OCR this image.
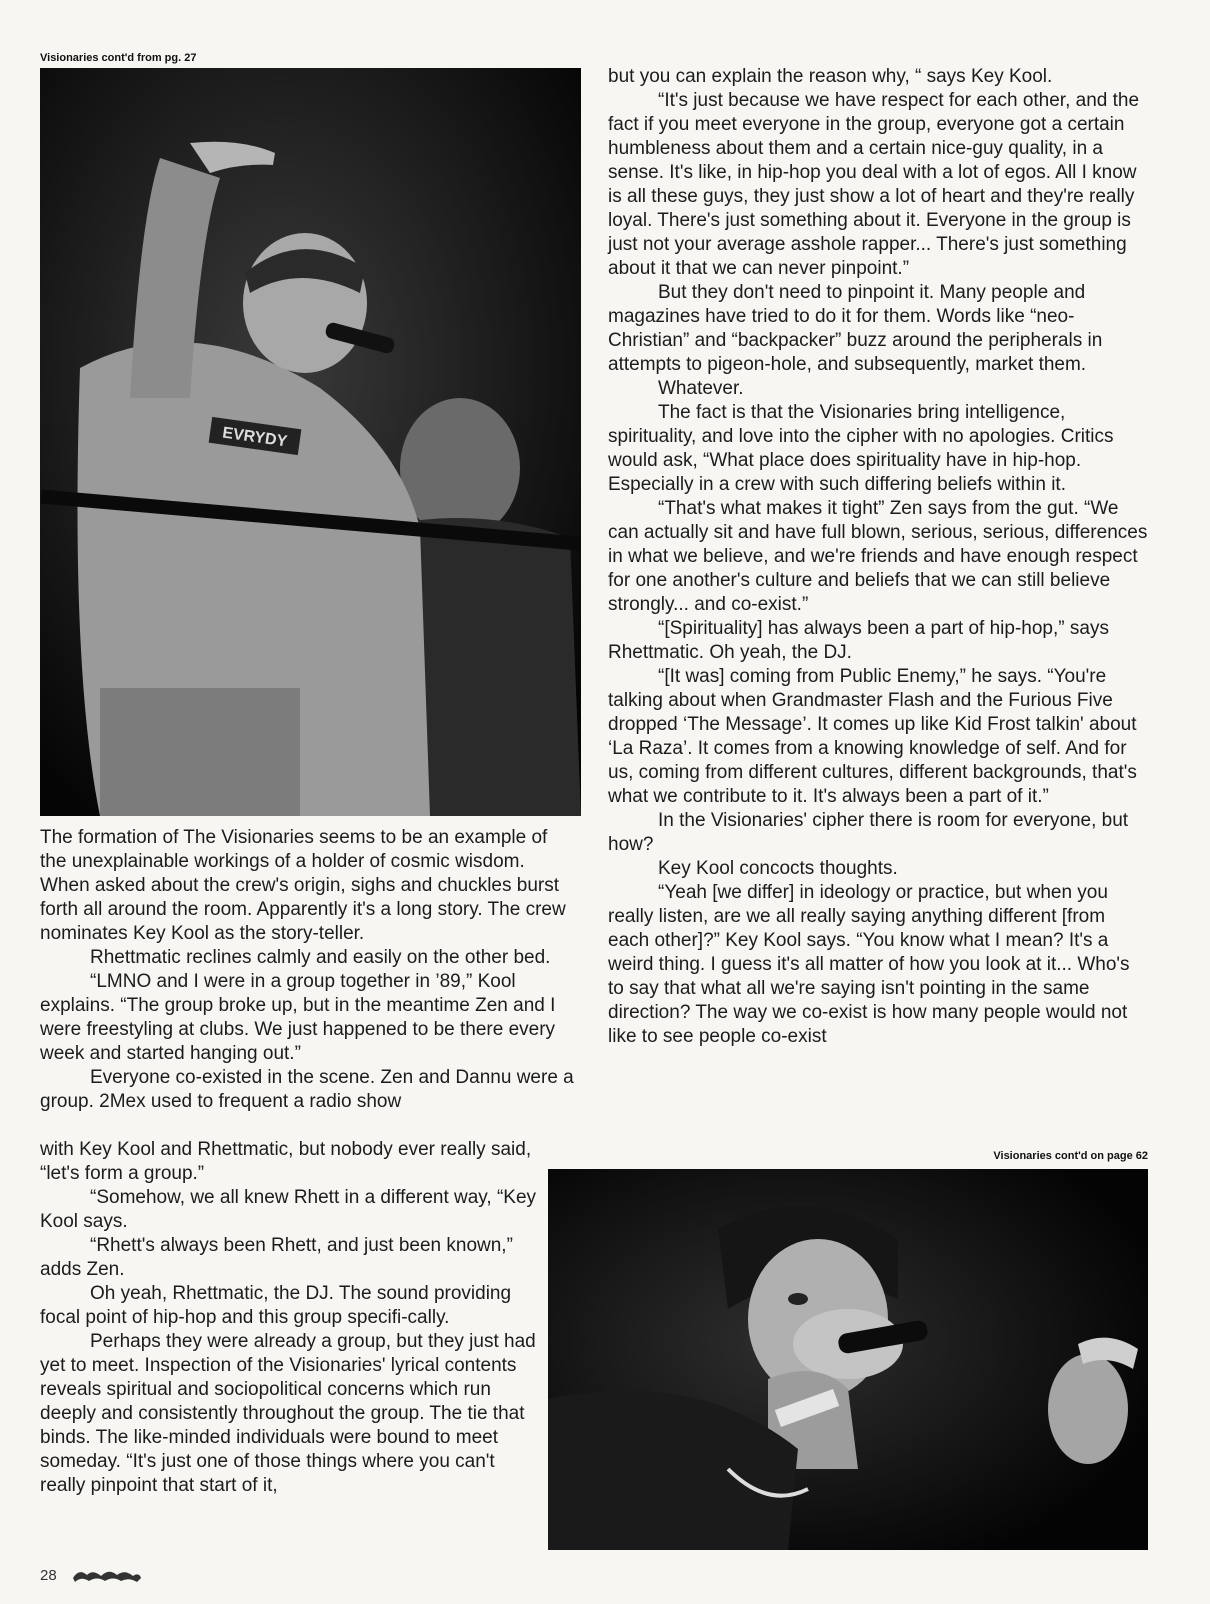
Visionaries cont'd from pg. 27
EVRYDY

The formation of The Visionaries seems to be an example of the unexplainable workings of a holder of cosmic wisdom. When asked about the crew's origin, sighs and chuckles burst forth all around the room. Apparently it's a long story. The crew nominates Key Kool as the story-teller.

Rhettmatic reclines calmly and easily on the other bed.

“LMNO and I were in a group together in ’89,” Kool explains. “The group broke up, but in the meantime Zen and I were freestyling at clubs. We just happened to be there every week and started hanging out.”

Everyone co-existed in the scene. Zen and Dannu were a group. 2Mex used to frequent a radio show

with Key Kool and Rhettmatic, but nobody ever really said, “let's form a group.”

“Somehow, we all knew Rhett in a different way, “Key Kool says.

“Rhett's always been Rhett, and just been known,” adds Zen.

Oh yeah, Rhettmatic, the DJ. The sound providing focal point of hip-hop and this group specifi-cally.

Perhaps they were already a group, but they just had yet to meet. Inspection of the Visionaries' lyrical contents reveals spiritual and sociopolitical concerns which run deeply and consistently throughout the group. The tie that binds. The like-minded individuals were bound to meet someday. “It's just one of those things where you can't really pinpoint that start of it,

but you can explain the reason why, “ says Key Kool.

“It's just because we have respect for each other, and the fact if you meet everyone in the group, everyone got a certain humbleness about them and a certain nice-guy quality, in a sense. It's like, in hip-hop you deal with a lot of egos. All I know is all these guys, they just show a lot of heart and they're really loyal. There's just something about it. Everyone in the group is just not your average asshole rapper... There's just something about it that we can never pinpoint.”

But they don't need to pinpoint it. Many people and magazines have tried to do it for them. Words like “neo-Christian” and “backpacker” buzz around the peripherals in attempts to pigeon-hole, and subsequently, market them.

Whatever.

The fact is that the Visionaries bring intelligence, spirituality, and love into the cipher with no apologies. Critics would ask, “What place does spirituality have in hip-hop. Especially in a crew with such differing beliefs within it.

“That's what makes it tight” Zen says from the gut. “We can actually sit and have full blown, serious, serious, differences in what we believe, and we're friends and have enough respect for one another's culture and beliefs that we can still believe strongly... and co-exist.”

“[Spirituality] has always been a part of hip-hop,” says Rhettmatic. Oh yeah, the DJ.

“[It was] coming from Public Enemy,” he says. “You're talking about when Grandmaster Flash and the Furious Five dropped ‘The Message’. It comes up like Kid Frost talkin' about ‘La Raza’. It comes from a knowing knowledge of self. And for us, coming from different cultures, different backgrounds, that's what we contribute to it. It's always been a part of it.”

In the Visionaries' cipher there is room for everyone, but how?

Key Kool concocts thoughts.

“Yeah [we differ] in ideology or practice, but when you really listen, are we all really saying anything different [from each other]?” Key Kool says. “You know what I mean? It's a weird thing. I guess it's all matter of how you look at it... Who's to say that what all we're saying isn't pointing in the same direction? The way we co-exist is how many people would not like to see people co-exist

Visionaries cont'd on page 62
28
